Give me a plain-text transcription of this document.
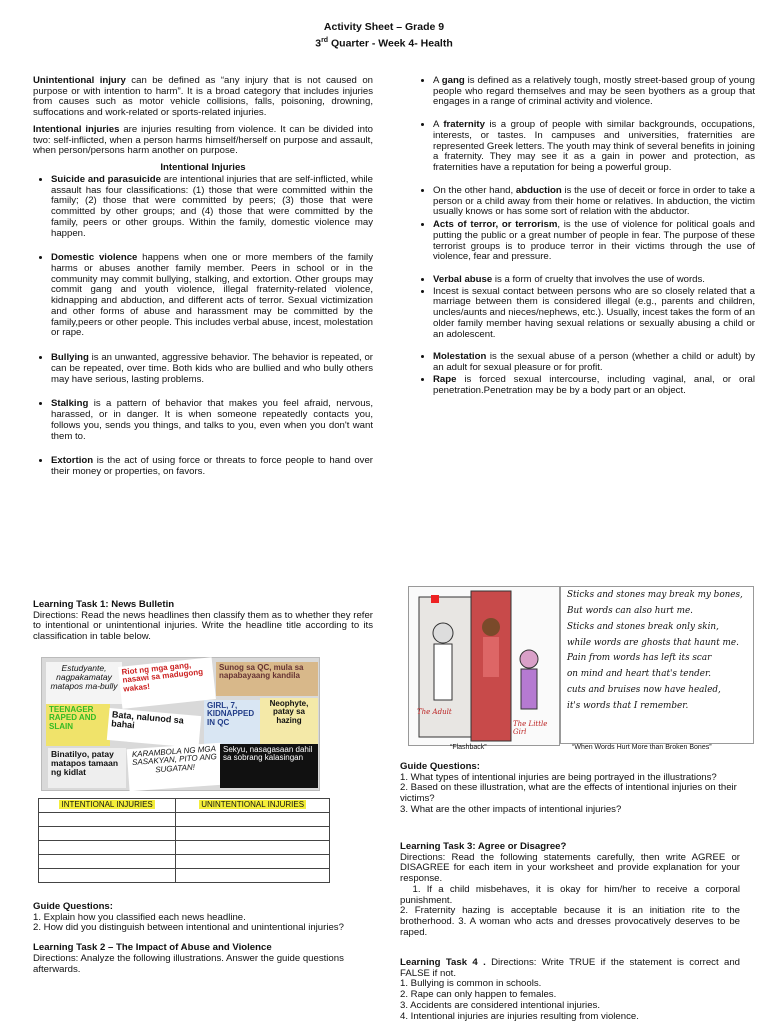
Activity Sheet – Grade 9
3rd Quarter - Week 4- Health

Unintentional injury can be defined as “any injury that is not caused on purpose or with intention to harm”. It is a broad category that includes injuries from causes such as motor vehicle collisions, falls, poisoning, drowning, suffocations and work-related or sports-related injuries.

Intentional injuries are injuries resulting from violence. It can be divided into two: self-inflicted, when a person harms himself/herself on purpose and assault, when person/persons harm another on purpose.

Intentional Injuries
• Suicide and parasuicide are intentional injuries that are self-inflicted, while assault has four classifications: (1) those that were committed within the family; (2) those that were committed by peers; (3) those that were committed by other groups; and (4) those that were committed by the family, peers or other groups. Within the family, domestic violence may happen.
• Domestic violence happens when one or more members of the family harms or abuses another family member. Peers in school or in the community may commit bullying, stalking, and extortion. Other groups may commit gang and youth violence, illegal fraternity-related violence, kidnapping and abduction, and different acts of terror. Sexual victimization and other forms of abuse and harassment may be committed by the family,peers or other people. This includes verbal abuse, incest, molestation or rape.
• Bullying is an unwanted, aggressive behavior. The behavior is repeated, or can be repeated, over time. Both kids who are bullied and who bully others may have serious, lasting problems.
• Stalking is a pattern of behavior that makes you feel afraid, nervous, harassed, or in danger. It is when someone repeatedly contacts you, follows you, sends you things, and talks to you, even when you don't want them to.
• Extortion is the act of using force or threats to force people to hand over their money or properties, on favors.
• A gang is defined as a relatively tough, mostly street-based group of young people who regard themselves and may be seen byothers as a group that engages in a range of criminal activity and violence.
• A fraternity is a group of people with similar backgrounds, occupations, interests, or tastes. In campuses and universities, fraternities are represented Greek letters. The youth may think of several benefits in joining a fraternity. They may see it as a gain in power and protection, as fraternities have a reputation for being a powerful group.
• On the other hand, abduction is the use of deceit or force in order to take a person or a child away from their home or relatives. In abduction, the victim usually knows or has some sort of relation with the abductor.
• Acts of terror, or terrorism, is the use of violence for political goals and putting the public or a great number of people in fear. The purpose of these terrorist groups is to produce terror in their victims through the use of violence, fear and pressure.
• Verbal abuse is a form of cruelty that involves the use of words.
• Incest is sexual contact between persons who are so closely related that a marriage between them is considered illegal (e.g., parents and children, uncles/aunts and nieces/nephews, etc.). Usually, incest takes the form of an older family member having sexual relations or sexually abusing a child or an adolescent.
• Molestation is the sexual abuse of a person (whether a child or adult) by an adult for sexual pleasure or for profit.
• Rape is forced sexual intercourse, including vaginal, anal, or oral penetration.Penetration may be by a body part or an object.
Learning Task 1: News Bulletin

Directions: Read the news headlines then classify them as to whether they refer to intentional or unintentional injuries. Write the headline title according to its classification in table below.

Estudyante, nagpakamatay matapos ma-bully
Riot ng mga gang, nasawi sa madugong wakas!
Sunog sa QC, mula sa napabayaang kandila
TEENAGER RAPED AND SLAIN
Bata, nalunod sa bahai
GIRL, 7, KIDNAPPED IN QC
Neophyte, patay sa hazing
Binatilyo, patay matapos tamaan ng kidlat
KARAMBOLA NG MGA SASAKYAN, PITO ANG SUGATAN!
Sekyu, nasagasaan dahil sa sobrang kalasingan
INTENTIONAL INJURIES	UNINTENTIONAL INJURIES

Guide Questions:
1. Explain how you classified each news headline.
2. How did you distinguish between intentional and unintentional injuries?
Learning Task 2 – The Impact of Abuse and Violence
Directions: Analyze the following illustrations. Answer the guide questions afterwards.
The Adult
The Little Girl
Sticks and stones may break my bones,
But words can also hurt me.
Sticks and stones break only skin,
while words are ghosts that haunt me.
Pain from words has left its scar
on mind and heart that's tender.
cuts and bruises now have healed,
it's words that I remember.
“Flashback”	“When Words Hurt More than Broken Bones”
Guide Questions:
1. What types of intentional injuries are being portrayed in the illustrations?
2. Based on these illustration, what are the effects of intentional injuries on their victims?
3. What are the other impacts of intentional injuries?
Learning Task 3: Agree or Disagree?

Directions: Read the following statements carefully, then write AGREE or DISAGREE for each item in your worksheet and provide explanation for your response.

1. If a child misbehaves, it is okay for him/her to receive a corporal punishment.

2. Fraternity hazing is acceptable because it is an initiation rite to the brotherhood. 3. A woman who acts and dresses provocatively deserves to be raped.

Learning Task 4 . Directions: Write TRUE if the statement is correct and FALSE if not.

1. Bullying is common in schools.
2. Rape can only happen to females.
3. Accidents are considered intentional injuries.
4. Intentional injuries are injuries resulting from violence.
